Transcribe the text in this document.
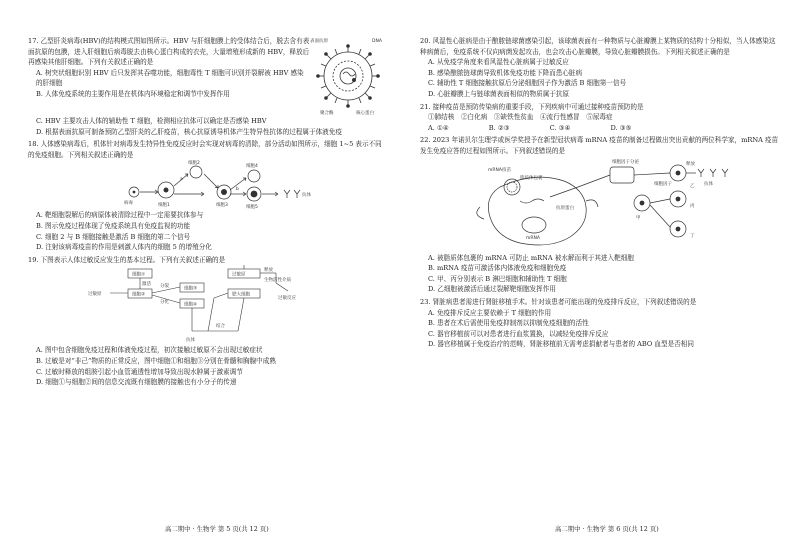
17. 乙型肝炎病毒(HBV)的结构模式图如图所示。HBV 与肝细胞膜上的受体结合后，脱去含有表面抗原的包膜，进入肝细胞后病毒脱去由核心蛋白构成的衣壳，大量增殖形成新的 HBV，释放后再感染其他肝细胞。下列有关叙述正确的是

A. 树突状细胞识别 HBV 后只发挥其吞噬功能，细胞毒性 T 细胞可识别并裂解被 HBV 感染的肝细胞

B. 人体免疫系统的主要作用是在机体内环境稳定和调节中发挥作用

表面抗原	DNA
核心蛋白
聚合酶

C. HBV 主要攻击人体的辅助性 T 细胞，检测相应抗体可以确定是否感染 HBV

D. 根据表面抗原可制备预防乙型肝炎的乙肝疫苗，核心抗原诱导机体产生特异性抗体的过程属于体液免疫

18. 人体感染病毒后，机体针对病毒发生特异性免疫反应时会实现对病毒的清除，部分活动如图所示，细胞 1~5 表示不同的免疫细胞。下列相关叙述正确的是

病毒	细胞1
细胞2
细胞3
细胞4
细胞5
抗体
a
b

A. 靶细胞裂解后的病原体被清除过程中一定需要抗体参与

B. 图示免疫过程体现了免疫系统具有免疫监视的功能

C. 细胞 2 与 B 细胞接触是激活 B 细胞的第二个信号

D. 注射该病毒疫苗的作用是刺激人体内的细胞 5 的增殖分化

19. 下图表示人体过敏反应发生的基本过程。下列有关叙述正确的是

过敏原
细胞①
细胞②
细胞③
细胞④
激活 分裂
分化
抗体
结合
过敏原
肥大细胞
释放
生物活性介质
过敏反应

A. 图中包含细胞免疫过程和体液免疫过程，初次接触过敏原不会出现过敏症状

B. 过敏是对“非己”物质的正常反应，图中细胞①和细胞③分别在骨髓和胸腺中成熟

C. 过敏时释放的组胺引起小血管通透性增加导致出现水肿属于激素调节

D. 细胞①与细胞②间的信息交流既有细胞膜的接触也有小分子的传递

20. 风湿性心脏病是由于酿脓链球菌感染引起，该球菌表面有一种物质与心脏瓣膜上某物质的结构十分相似，当人体感染这种病菌后，免疫系统不仅向病菌发起攻击，也会攻击心脏瓣膜，导致心脏瓣膜损伤。下列相关叙述正确的是

A. 从免疫学角度来看风湿性心脏病属于过敏反应

B. 感染酿脓链球菌导致机体免疫功能下降而患心脏病

C. 辅助性 T 细胞接触抗原后分泌细胞因子作为激活 B 细胞第一信号

D. 心脏瓣膜上与链球菌表面相似的物质属于抗原

21. 接种疫苗是预防传染病的重要手段，下列疾病中可通过接种疫苗预防的是

①肺结核　②白化病　③缺铁性贫血　④流行性感冒　⑤尿毒症

A. ①④	B. ②③	C. ③④	D. ③⑤

22. 2023 年诺贝尔生理学或医学奖授予在新型冠状病毒 mRNA 疫苗的制备过程做出突出贡献的两位科学家，mRNA 疫苗发生免疫应答的过程如图所示。下列叙述错误的是

mRNA疫苗
脂质体包裹
mRNA
抗原蛋白
细胞因子分泌
甲
乙
丙
丁
抗体
细胞因子
释放

A. 被脂质体包裹的 mRNA 可防止 mRNA 被水解而利于其进入靶细胞

B. mRNA 疫苗可激活体内体液免疫和细胞免疫

C. 甲、丙分别表示 B 淋巴细胞和辅助性 T 细胞

D. 乙细胞被激活后通过裂解靶细胞发挥作用

23. 肾脏病患者需进行肾脏移植手术。针对该患者可能出现的免疫排斥反应，下列叙述错误的是

A. 免疫排斥反应主要依赖于 T 细胞的作用

B. 患者在术后需使用免疫抑制剂以抑制免疫细胞的活性

C. 器官移植前可以对患者进行血浆置换，以减轻免疫排斥反应

D. 器官移植属于免疫治疗的范畴，肾脏移植前无需考虑捐献者与患者的 ABO 血型是否相同

高二期中 · 生物学 第 5 页(共 12 页)	高二期中 · 生物学 第 6 页(共 12 页)
